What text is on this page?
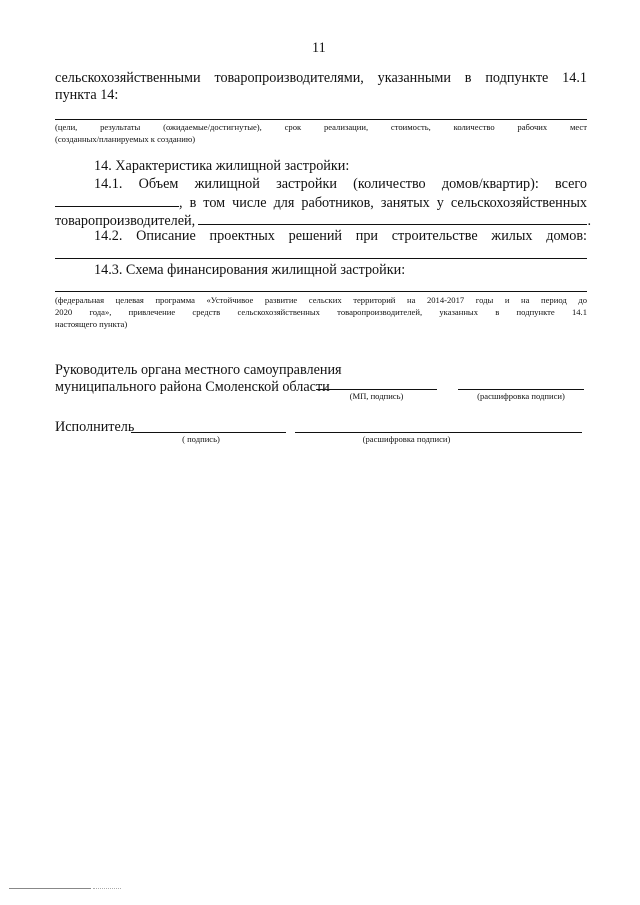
11
сельскохозяйственными товаропроизводителями, указанными в подпункте 14.1
пункта 14:
(цели, результаты (ожидаемые/достигнутые), срок реализации, стоимость, количество рабочих мест
(созданных/планируемых к созданию)
14. Характеристика жилищной застройки:
14.1. Объем жилищной застройки (количество домов/квартир): всего
, в том числе для работников, занятых у сельскохозяйственных
товаропроизводителей,	.
14.2. Описание проектных решений при строительстве жилых домов:
14.3. Схема финансирования жилищной застройки:
(федеральная целевая программа «Устойчивое развитие сельских территорий на 2014-2017 годы и на период до
2020 года», привлечение средств сельскохозяйственных товаропроизводителей, указанных в подпункте 14.1
настоящего пункта)
Руководитель органа местного самоуправления
муниципального района Смоленской области
(МП, подпись)	(расшифровка подписи)
Исполнитель
( подпись)	(расшифровка подписи)
